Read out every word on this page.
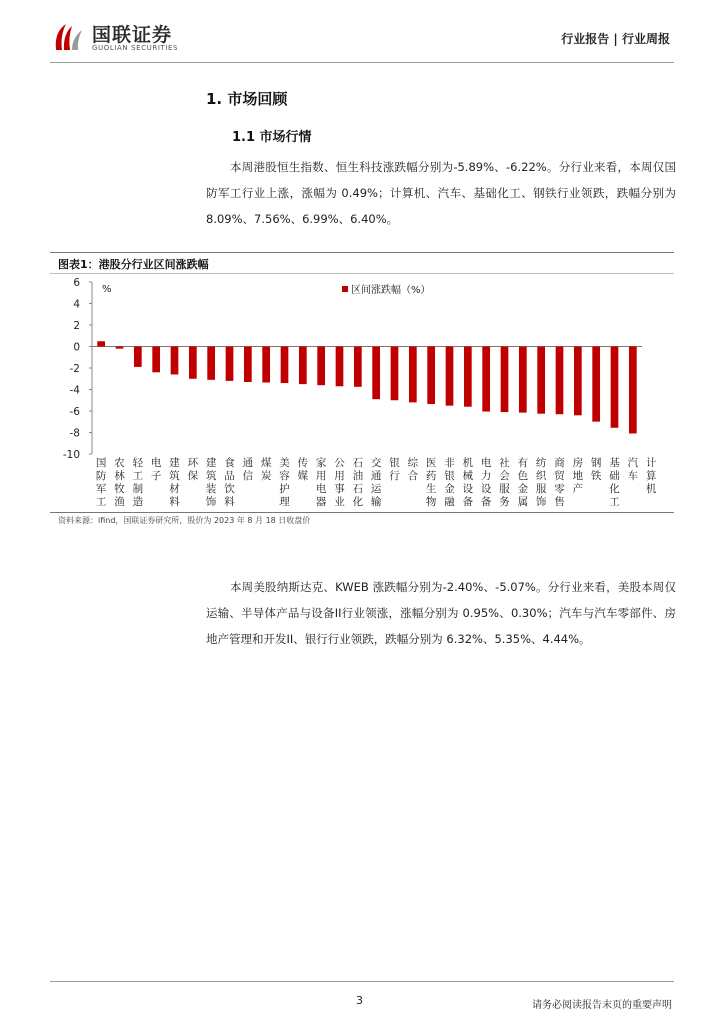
国联证券
GUOLIAN SECURITIES
行业报告 | 行业周报
1. 市场回顾
1.1 市场行情

本周港股恒生指数、恒生科技涨跌幅分别为-5.89%、-6.22%。分行业来看，本周仅国防军工行业上涨，涨幅为 0.49%；计算机、汽车、基础化工、钢铁行业领跌，跌幅分别为 8.09%、7.56%、6.99%、6.40%。

图表1：港股分行业区间涨跌幅
6
4
2
0
-2
-4
-6
-8
-10
%	区间涨跌幅（%）
国防军工
农林牧渔
轻工制造
电子
建筑材料
环保
建筑装饰
食品饮料
通信
煤炭
美容护理
传媒
家用电器
公用事业
石油石化
交通运输
银行
综合
医药生物
非银金融
机械设备
电力设备
社会服务
有色金属
纺织服饰
商贸零售
房地产
钢铁
基础化工
汽车
计算机
资料来源：ifind，国联证券研究所，股价为 2023 年 8 月 18 日收盘价

本周美股纳斯达克、KWEB 涨跌幅分别为-2.40%、-5.07%。分行业来看，美股本周仅运输、半导体产品与设备II行业领涨，涨幅分别为 0.95%、0.30%；汽车与汽车零部件、房地产管理和开发II、银行行业领跌，跌幅分别为 6.32%、5.35%、4.44%。

3	请务必阅读报告末页的重要声明
